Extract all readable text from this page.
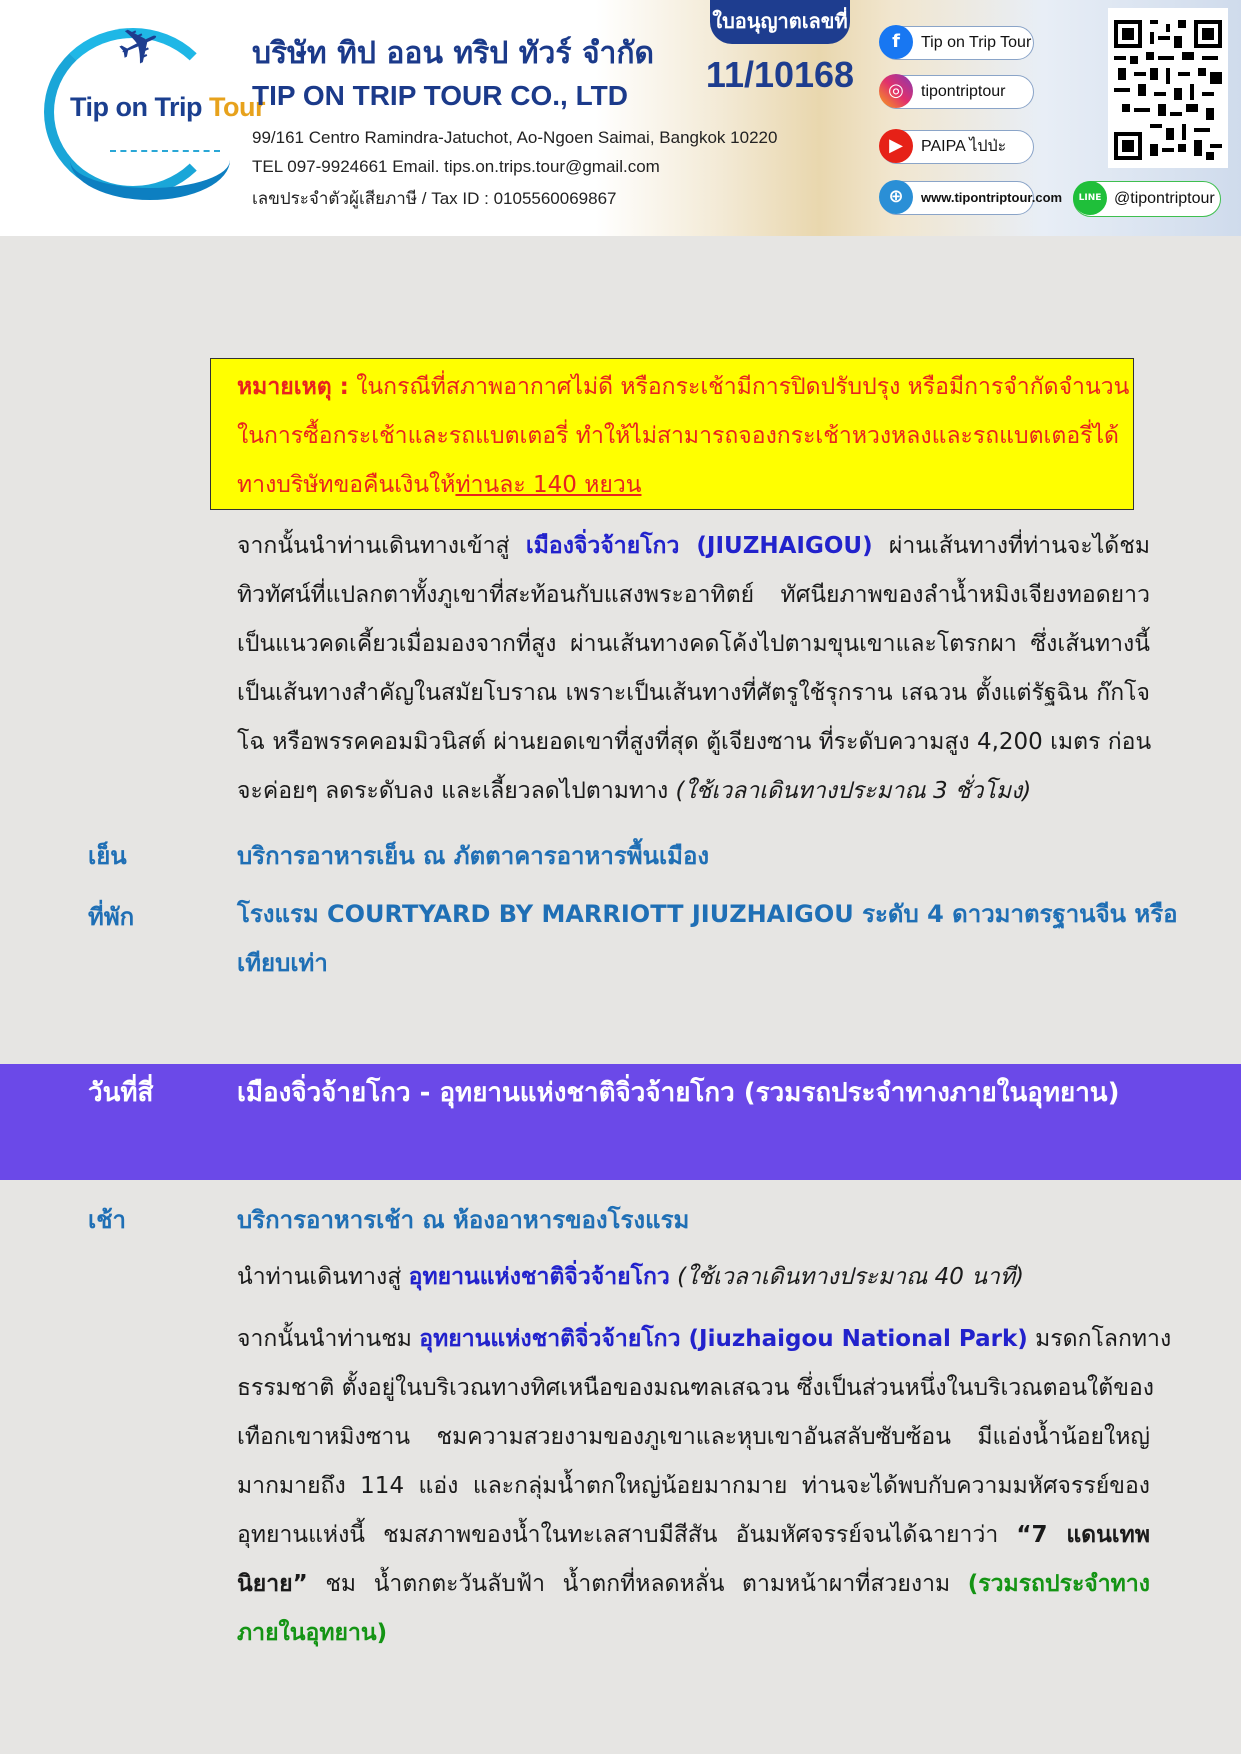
✈
Tip on Trip Tour
บริษัท ทิป ออน ทริป ทัวร์ จำกัด
TIP ON TRIP TOUR CO., LTD
99/161 Centro Ramindra-Jatuchot, Ao-Ngoen Saimai, Bangkok 10220
TEL 097-9924661 Email. tips.on.trips.tour@gmail.com
เลขประจำตัวผู้เสียภาษี / Tax ID : 0105560069867
ใบอนุญาตเลขที่
11/10168
f	Tip on Trip Tour
◎	tipontriptour
▶	PAIPA ไปป่ะ
⊕	www.tipontriptour.com	LINE @tipontriptour

หมายเหตุ : ในกรณีที่สภาพอากาศไม่ดี หรือกระเช้ามีการปิดปรับปรุง หรือมีการจำกัดจำนวน

ในการซื้อกระเช้าและรถแบตเตอรี่ ทำให้ไม่สามารถจองกระเช้าหวงหลงและรถแบตเตอรี่ได้

ทางบริษัทขอคืนเงินให้ท่านละ 140 หยวน

จากนั้นนำท่านเดินทางเข้าสู่ เมืองจิ่วจ้ายโกว (JIUZHAIGOU) ผ่านเส้นทางที่ท่านจะได้ชม
ทิวทัศน์ที่แปลกตาทั้งภูเขาที่สะท้อนกับแสงพระอาทิตย์ ทัศนียภาพของลำน้ำหมิงเจียงทอดยาว
เป็นแนวคดเคี้ยวเมื่อมองจากที่สูง ผ่านเส้นทางคดโค้งไปตามขุนเขาและโตรกผา ซึ่งเส้นทางนี้
เป็นเส้นทางสำคัญในสมัยโบราณ เพราะเป็นเส้นทางที่ศัตรูใช้รุกราน เสฉวน ตั้งแต่รัฐฉิน ก๊กโจ
โฉ หรือพรรคคอมมิวนิสต์ ผ่านยอดเขาที่สูงที่สุด ตู้เจียงซาน ที่ระดับความสูง 4,200 เมตร ก่อน
จะค่อยๆ ลดระดับลง และเลี้ยวลดไปตามทาง (ใช้เวลาเดินทางประมาณ 3 ชั่วโมง)
เย็น	บริการอาหารเย็น ณ ภัตตาคารอาหารพื้นเมือง
ที่พัก	โรงแรม COURTYARD BY MARRIOTT JIUZHAIGOU ระดับ 4 ดาวมาตรฐานจีน หรือ
เทียบเท่า
วันที่สี่	เมืองจิ่วจ้ายโกว - อุทยานแห่งชาติจิ่วจ้ายโกว (รวมรถประจำทางภายในอุทยาน)
เช้า	บริการอาหารเช้า ณ ห้องอาหารของโรงแรม
นำท่านเดินทางสู่ อุทยานแห่งชาติจิ่วจ้ายโกว (ใช้เวลาเดินทางประมาณ 40 นาที)
จากนั้นนำท่านชม อุทยานแห่งชาติจิ่วจ้ายโกว (Jiuzhaigou National Park) มรดกโลกทาง
ธรรมชาติ ตั้งอยู่ในบริเวณทางทิศเหนือของมณฑลเสฉวน ซึ่งเป็นส่วนหนึ่งในบริเวณตอนใต้ของ
เทือกเขาหมิงซาน ชมความสวยงามของภูเขาและหุบเขาอันสลับซับซ้อน มีแอ่งน้ำน้อยใหญ่
มากมายถึง 114 แอ่ง และกลุ่มน้ำตกใหญ่น้อยมากมาย ท่านจะได้พบกับความมหัศจรรย์ของ
อุทยานแห่งนี้ ชมสภาพของน้ำในทะเลสาบมีสีสัน อันมหัศจรรย์จนได้ฉายาว่า “7 แดนเทพ
นิยาย” ชม น้ำตกตะวันลับฟ้า น้ำตกที่หลดหลั่น ตามหน้าผาที่สวยงาม (รวมรถประจำทาง
ภายในอุทยาน)
